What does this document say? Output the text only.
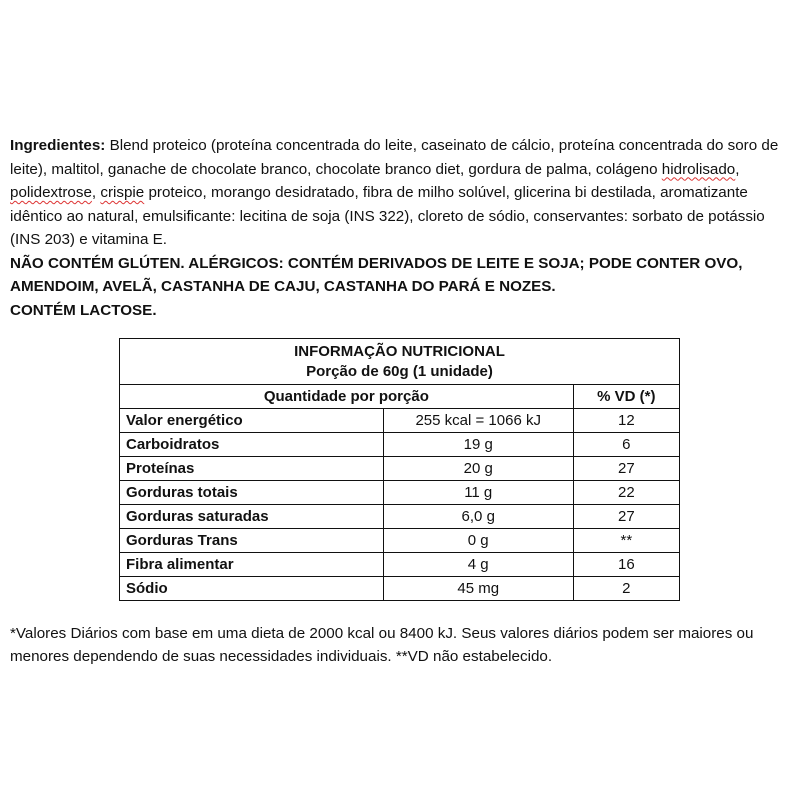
Ingredientes: Blend proteico (proteína concentrada do leite, caseinato de cálcio, proteína concentrada do soro de leite), maltitol, ganache de chocolate branco, chocolate branco diet, gordura de palma, colágeno hidrolisado, polidextrose, crispie proteico, morango desidratado, fibra de milho solúvel, glicerina bi destilada, aromatizante idêntico ao natural, emulsificante: lecitina de soja (INS 322), cloreto de sódio, conservantes: sorbato de potássio (INS 203) e vitamina E.

NÃO CONTÉM GLÚTEN. ALÉRGICOS: CONTÉM DERIVADOS DE LEITE E SOJA; PODE CONTER OVO, AMENDOIM, AVELÃ, CASTANHA DE CAJU, CASTANHA DO PARÁ E NOZES.

CONTÉM LACTOSE.

INFORMAÇÃO NUTRICIONAL
Porção de 60g (1 unidade)		

Quantidade por porção		% VD (*)
Valor energético	255 kcal = 1066 kJ	12
Carboidratos	19 g	6
Proteínas	20 g	27
Gorduras totais	11 g	22
Gorduras saturadas	6,0 g	27
Gorduras Trans	0 g	**
Fibra alimentar	4 g	16
Sódio	45 mg	2

*Valores Diários com base em uma dieta de 2000 kcal ou 8400 kJ. Seus valores diários podem ser maiores ou menores dependendo de suas necessidades individuais. **VD não estabelecido.
